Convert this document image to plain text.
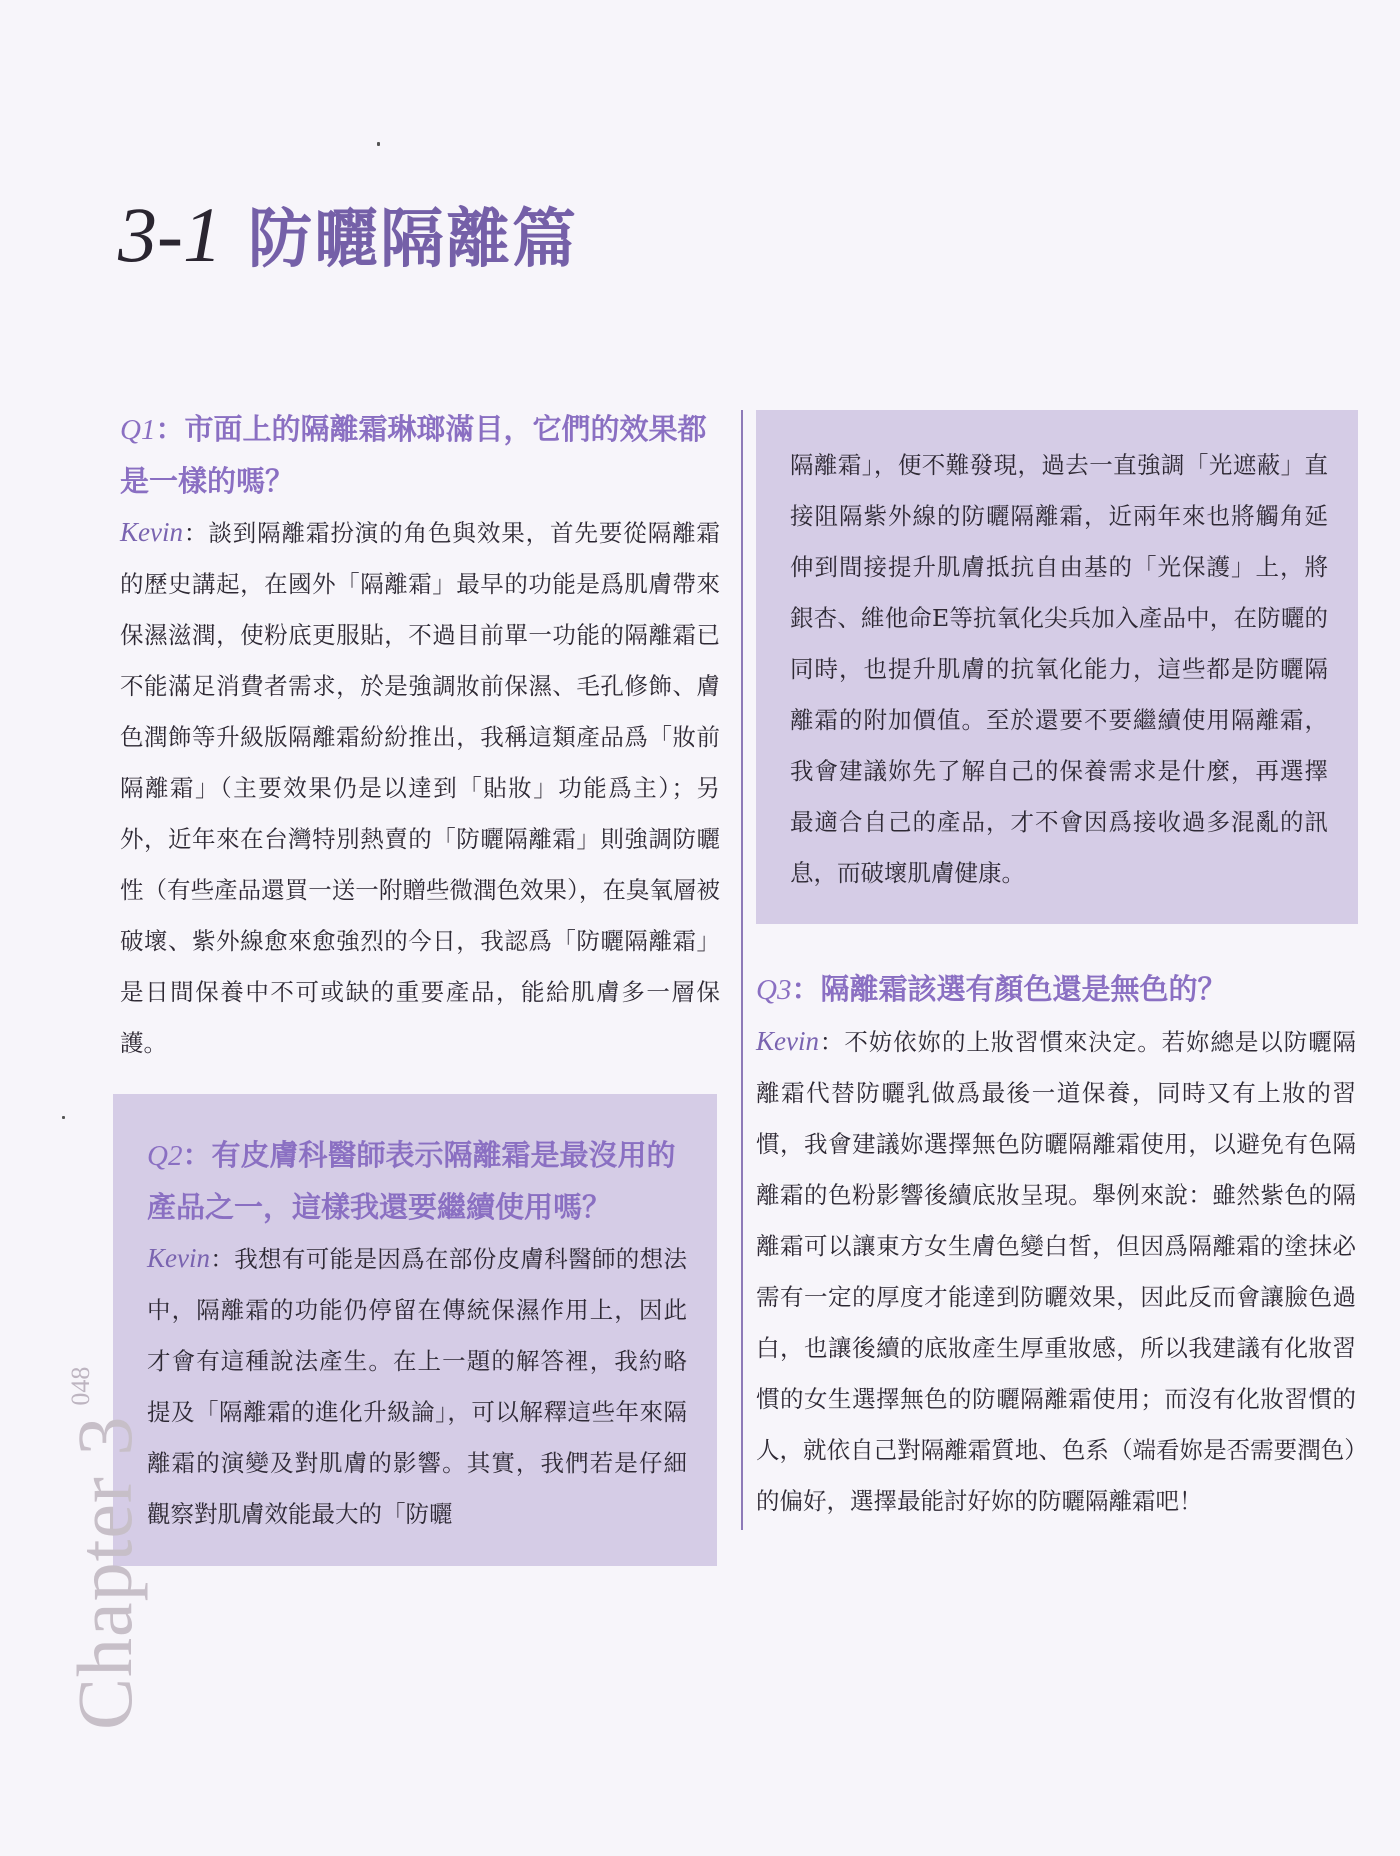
3-1 防曬隔離篇

Q1：市面上的隔離霜琳瑯滿目，它們的效果都是一樣的嗎？

Kevin：談到隔離霜扮演的角色與效果，首先要從隔離霜的歷史講起，在國外「隔離霜」最早的功能是爲肌膚帶來保濕滋潤，使粉底更服貼，不過目前單一功能的隔離霜已不能滿足消費者需求，於是強調妝前保濕、毛孔修飾、膚色潤飾等升級版隔離霜紛紛推出，我稱這類產品爲「妝前隔離霜」（主要效果仍是以達到「貼妝」功能爲主）；另外，近年來在台灣特別熱賣的「防曬隔離霜」則強調防曬性（有些產品還買一送一附贈些微潤色效果），在臭氧層被破壞、紫外線愈來愈強烈的今日，我認爲「防曬隔離霜」是日間保養中不可或缺的重要產品，能給肌膚多一層保護。

Q2：有皮膚科醫師表示隔離霜是最沒用的產品之一，這樣我還要繼續使用嗎？

Kevin：我想有可能是因爲在部份皮膚科醫師的想法中，隔離霜的功能仍停留在傳統保濕作用上，因此才會有這種說法產生。在上一題的解答裡，我約略提及「隔離霜的進化升級論」，可以解釋這些年來隔離霜的演變及對肌膚的影響。其實，我們若是仔細觀察對肌膚效能最大的「防曬

隔離霜」，便不難發現，過去一直強調「光遮蔽」直接阻隔紫外線的防曬隔離霜，近兩年來也將觸角延伸到間接提升肌膚抵抗自由基的「光保護」上，將銀杏、維他命E等抗氧化尖兵加入產品中，在防曬的同時，也提升肌膚的抗氧化能力，這些都是防曬隔離霜的附加價值。至於還要不要繼續使用隔離霜，我會建議妳先了解自己的保養需求是什麼，再選擇最適合自己的產品，才不會因爲接收過多混亂的訊息，而破壞肌膚健康。

Q3：隔離霜該選有顏色還是無色的？

Kevin：不妨依妳的上妝習慣來決定。若妳總是以防曬隔離霜代替防曬乳做爲最後一道保養，同時又有上妝的習慣，我會建議妳選擇無色防曬隔離霜使用，以避免有色隔離霜的色粉影響後續底妝呈現。舉例來說：雖然紫色的隔離霜可以讓東方女生膚色變白皙，但因爲隔離霜的塗抹必需有一定的厚度才能達到防曬效果，因此反而會讓臉色過白，也讓後續的底妝產生厚重妝感，所以我建議有化妝習慣的女生選擇無色的防曬隔離霜使用；而沒有化妝習慣的人，就依自己對隔離霜質地、色系（端看妳是否需要潤色）的偏好，選擇最能討好妳的防曬隔離霜吧！

Chapter 3
048
